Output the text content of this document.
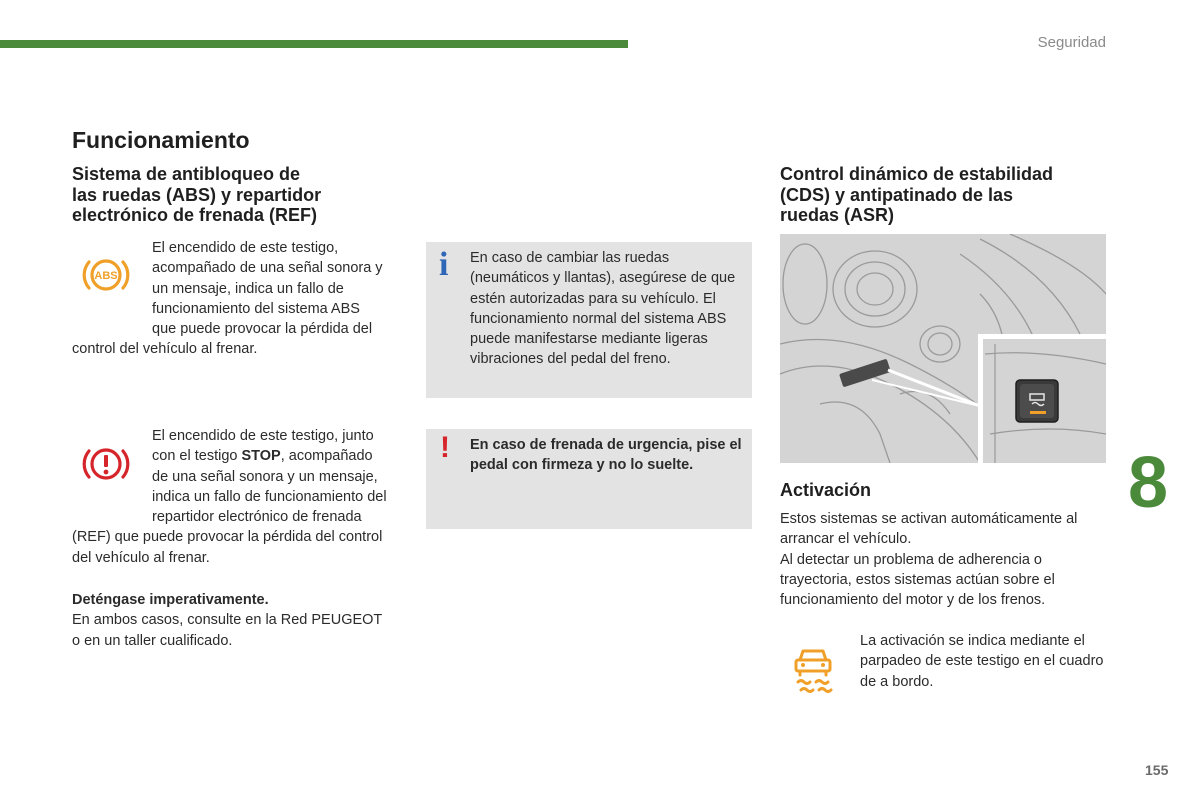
Seguridad
Funcionamiento
Sistema de antibloqueo de
las ruedas (ABS) y repartidor
electrónico de frenada (REF)
ABS
El encendido de este testigo, acompañado de una señal sonora y un mensaje, indica un fallo de funcionamiento del sistema ABS que puede provocar la pérdida del control del vehículo al frenar.
El encendido de este testigo, junto con el testigo STOP, acompañado de una señal sonora y un mensaje, indica un fallo de funcionamiento del repartidor electrónico de frenada (REF) que puede provocar la pérdida del control del vehículo al frenar.
Deténgase imperativamente.
En ambos casos, consulte en la Red PEUGEOT o en un taller cualificado.
i En caso de cambiar las ruedas (neumáticos y llantas), asegúrese de que estén autorizadas para su vehículo. El funcionamiento normal del sistema ABS puede manifestarse mediante ligeras vibraciones del pedal del freno.
! En caso de frenada de urgencia, pise el pedal con firmeza y no lo suelte.
Control dinámico de estabilidad
(CDS) y antipatinado de las
ruedas (ASR)
Activación
Estos sistemas se activan automáticamente al arrancar el vehículo.
Al detectar un problema de adherencia o trayectoria, estos sistemas actúan sobre el funcionamiento del motor y de los frenos.
La activación se indica mediante el parpadeo de este testigo en el cuadro de a bordo.
8
155
